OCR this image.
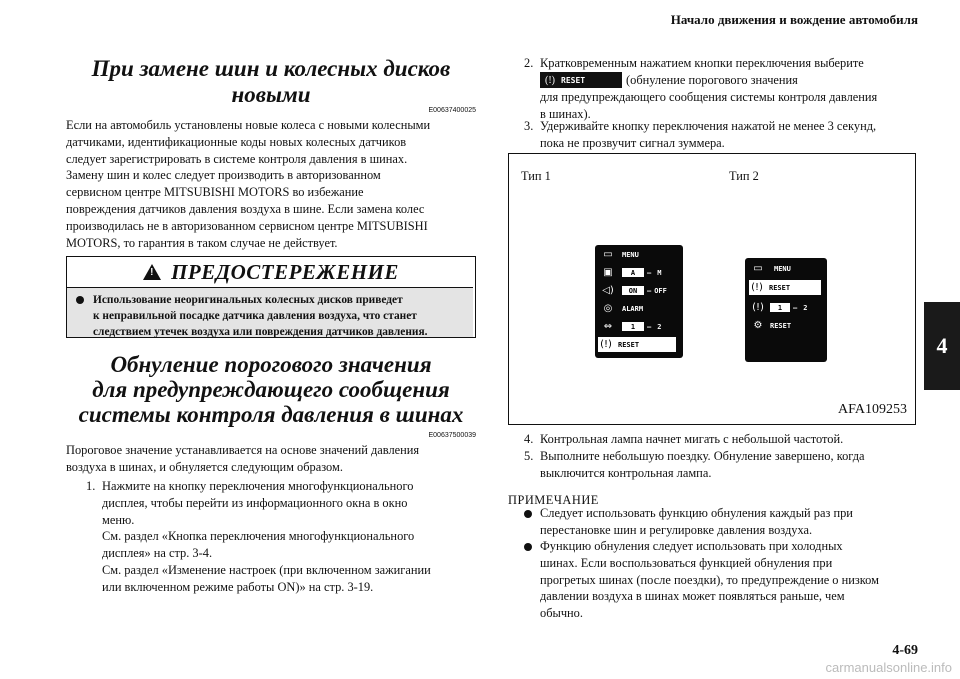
Начало движения и вождение автомобиля
4
4-69
carmanualsonline.info
При замене шин и колесных дисков
новыми
E00637400025
Если на автомобиль установлены новые колеса с новыми колесными
датчиками, идентификационные коды новых колесных датчиков
следует зарегистрировать в системе контроля давления в шинах.
Замену шин и колес следует производить в авторизованном
сервисном центре MITSUBISHI MOTORS во избежание
повреждения датчиков давления воздуха в шине. Если замена колес
производилась не в авторизованном сервисном центре MITSUBISHI
MOTORS, то гарантия в таком случае не действует.
! ПРЕДОСТЕРЕЖЕНИЕ
Использование неоригинальных колесных дисков приведет
к неправильной посадке датчика давления воздуха, что станет
следствием утечек воздуха или повреждения датчиков давления.
Обнуление порогового значения
для предупреждающего сообщения
системы контроля давления в шинах
E00637500039
Пороговое значение устанавливается на основе значений давления
воздуха в шинах, и обнуляется следующим образом.
1. Нажмите на кнопку переключения многофункционального
дисплея, чтобы перейти из информационного окна в окно
меню.
См. раздел «Кнопка переключения многофункционального
дисплея» на стр. 3-4.
См. раздел «Изменение настроек (при включенном зажигании
или включенном режиме работы ON)» на стр. 3-19.
2. Кратковременным нажатием кнопки переключения выберите
(!) RESET	(обнуление порогового значения
для предупреждающего сообщения системы контроля давления
в шинах).
3. Удерживайте кнопку переключения нажатой не менее 3 секунд,
пока не прозвучит сигнал зуммера.
Тип 1	Тип 2
▭	MENU
▣	A	– M
◁)	ON	– OFF
◎	ALARM
⇔	1	– 2
(!) RESET
▭	MENU
(!) RESET
(!)	1	– 2
⚙	RESET
AFA109253
4. Контрольная лампа начнет мигать с небольшой частотой.
5. Выполните небольшую поездку. Обнуление завершено, когда
выключится контрольная лампа.
ПРИМЕЧАНИЕ
Следует использовать функцию обнуления каждый раз при
перестановке шин и регулировке давления воздуха.
Функцию обнуления следует использовать при холодных
шинах. Если воспользоваться функцией обнуления при
прогретых шинах (после поездки), то предупреждение о низком
давлении воздуха в шинах может появляться раньше, чем
обычно.
